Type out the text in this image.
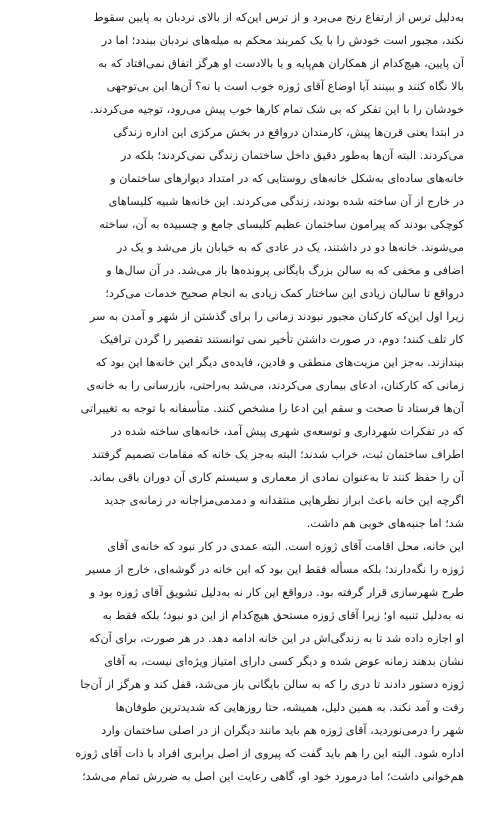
به‌دلیل ترس از ارتفاع رنج می‌برد و از ترس این‌که از بالای نردبان به پایین سقوط
نکند، مجبور است خودش را با یک کمربند محکم به میله‌های نردبان ببندد؛ اما در
آن پایین، هیچ‌کدام از همکاران هم‌پایه و یا بالادست او هرگز اتفاق نمی‌افتاد که به
بالا نگاه کنند و ببینند آیا اوضاع آقای ژوزه خوب است یا نه؟ آن‌ها این بی‌توجهی
خودشان را با این تفکر که بی شک تمام کارها خوب پیش می‌رود، توجیه می‌کردند.
در ابتدا یعنی قرن‌ها پیش، کارمندان درواقع در بخش مرکزی این اداره زندگی
می‌کردند. البته آن‌ها به‌طور دقیق داخل ساختمان زندگی نمی‌کردند؛ بلکه در
خانه‌های ساده‌ای به‌شکل خانه‌های روستایی که در امتداد دیوارهای ساختمان و
در خارج از آن ساخته شده بودند، زندگی می‌کردند. این خانه‌ها شبیه کلیساهای
کوچکی بودند که پیرامون ساختمان عظیم کلیسای جامع و چسبیده به آن، ساخته
می‌شوند. خانه‌ها دو در داشتند، یک در عادی که به خیابان باز می‌شد و یک در
اضافی و مخفی که به سالن بزرگ بایگانی پرونده‌ها باز می‌شد. در آن سال‌ها و
درواقع تا سالیان زیادی این ساختار کمک زیادی به انجام صحیح خدمات می‌کرد؛
زیرا اول این‌که کارکنان مجبور نبودند زمانی را برای گذشتن از شهر و آمدن به سر
کار تلف کنند؛ دوم، در صورت داشتن تأخیر نمی توانستند تقصیر را گردن ترافیک
بیندازند. به‌جز این مزیت‌های منطقی و فادین، فایده‌ی دیگر این خانه‌ها این بود که
زمانی که کارکنان، ادعای بیماری می‌کردند، می‌شد به‌راحتی، بازرسانی را به خانه‌ی
آن‌ها فرستاد تا صحت و سقم این ادعا را مشخص کنند. متأسفانه با توجه به تغییراتی
که در تفکرات شهرداری و توسعه‌ی شهری پیش آمد، خانه‌های ساخته شده در
اطراف ساختمان ثبت، خراب شدند؛ البته به‌جز یک خانه که مقامات تصمیم گرفتند
آن را حفظ کنند تا به‌عنوان نمادی از معماری و سیستم کاری آن دوران باقی بماند.
اگرچه این خانه باعث ابراز نظرهایی منتقدانه و دمدمی‌مزاجانه در زمانه‌ی جدید
شد؛ اما جنبه‌های خوبی هم داشت.
این خانه، محل اقامت آقای ژوزه است. البته عمدی در کار نبود که خانه‌ی آقای
ژوزه را نگه‌دارند؛ بلکه مسأله فقط این بود که این خانه در گوشه‌ای، خارج از مسیر
طرح شهرسازی قرار گرفته بود. درواقع این کار نه به‌دلیل تشویق آقای ژوزه بود و
نه به‌دلیل تنبیه او؛ زیرا آقای ژوزه مستحق هیچ‌کدام از این دو نبود؛ بلکه فقط به
او اجازه داده شد تا به زندگی‌اش در این خانه ادامه دهد. در هر صورت، برای آن‌که
نشان بدهند زمانه عوض شده و دیگر کسی دارای امتیاز ویژه‌ای نیست، به آقای
ژوزه دستور دادند تا دری را که به سالن بایگانی باز می‌شد، قفل کند و هرگز از آن‌جا
رفت و آمد نکند. به همین دلیل، همیشه، حتا روزهایی که شدیدترین طوفان‌ها
شهر را درمی‌نوردید، آقای ژوزه هم باید مانند دیگران از در اصلی ساختمان وارد
اداره شود. البته این را هم باید گفت که پیروی از اصل برابری افراد با ذات آقای ژوزه
هم‌خوانی داشت؛ اما درمورد خود او، گاهی رعایت این اصل به ضررش تمام می‌شد؛
